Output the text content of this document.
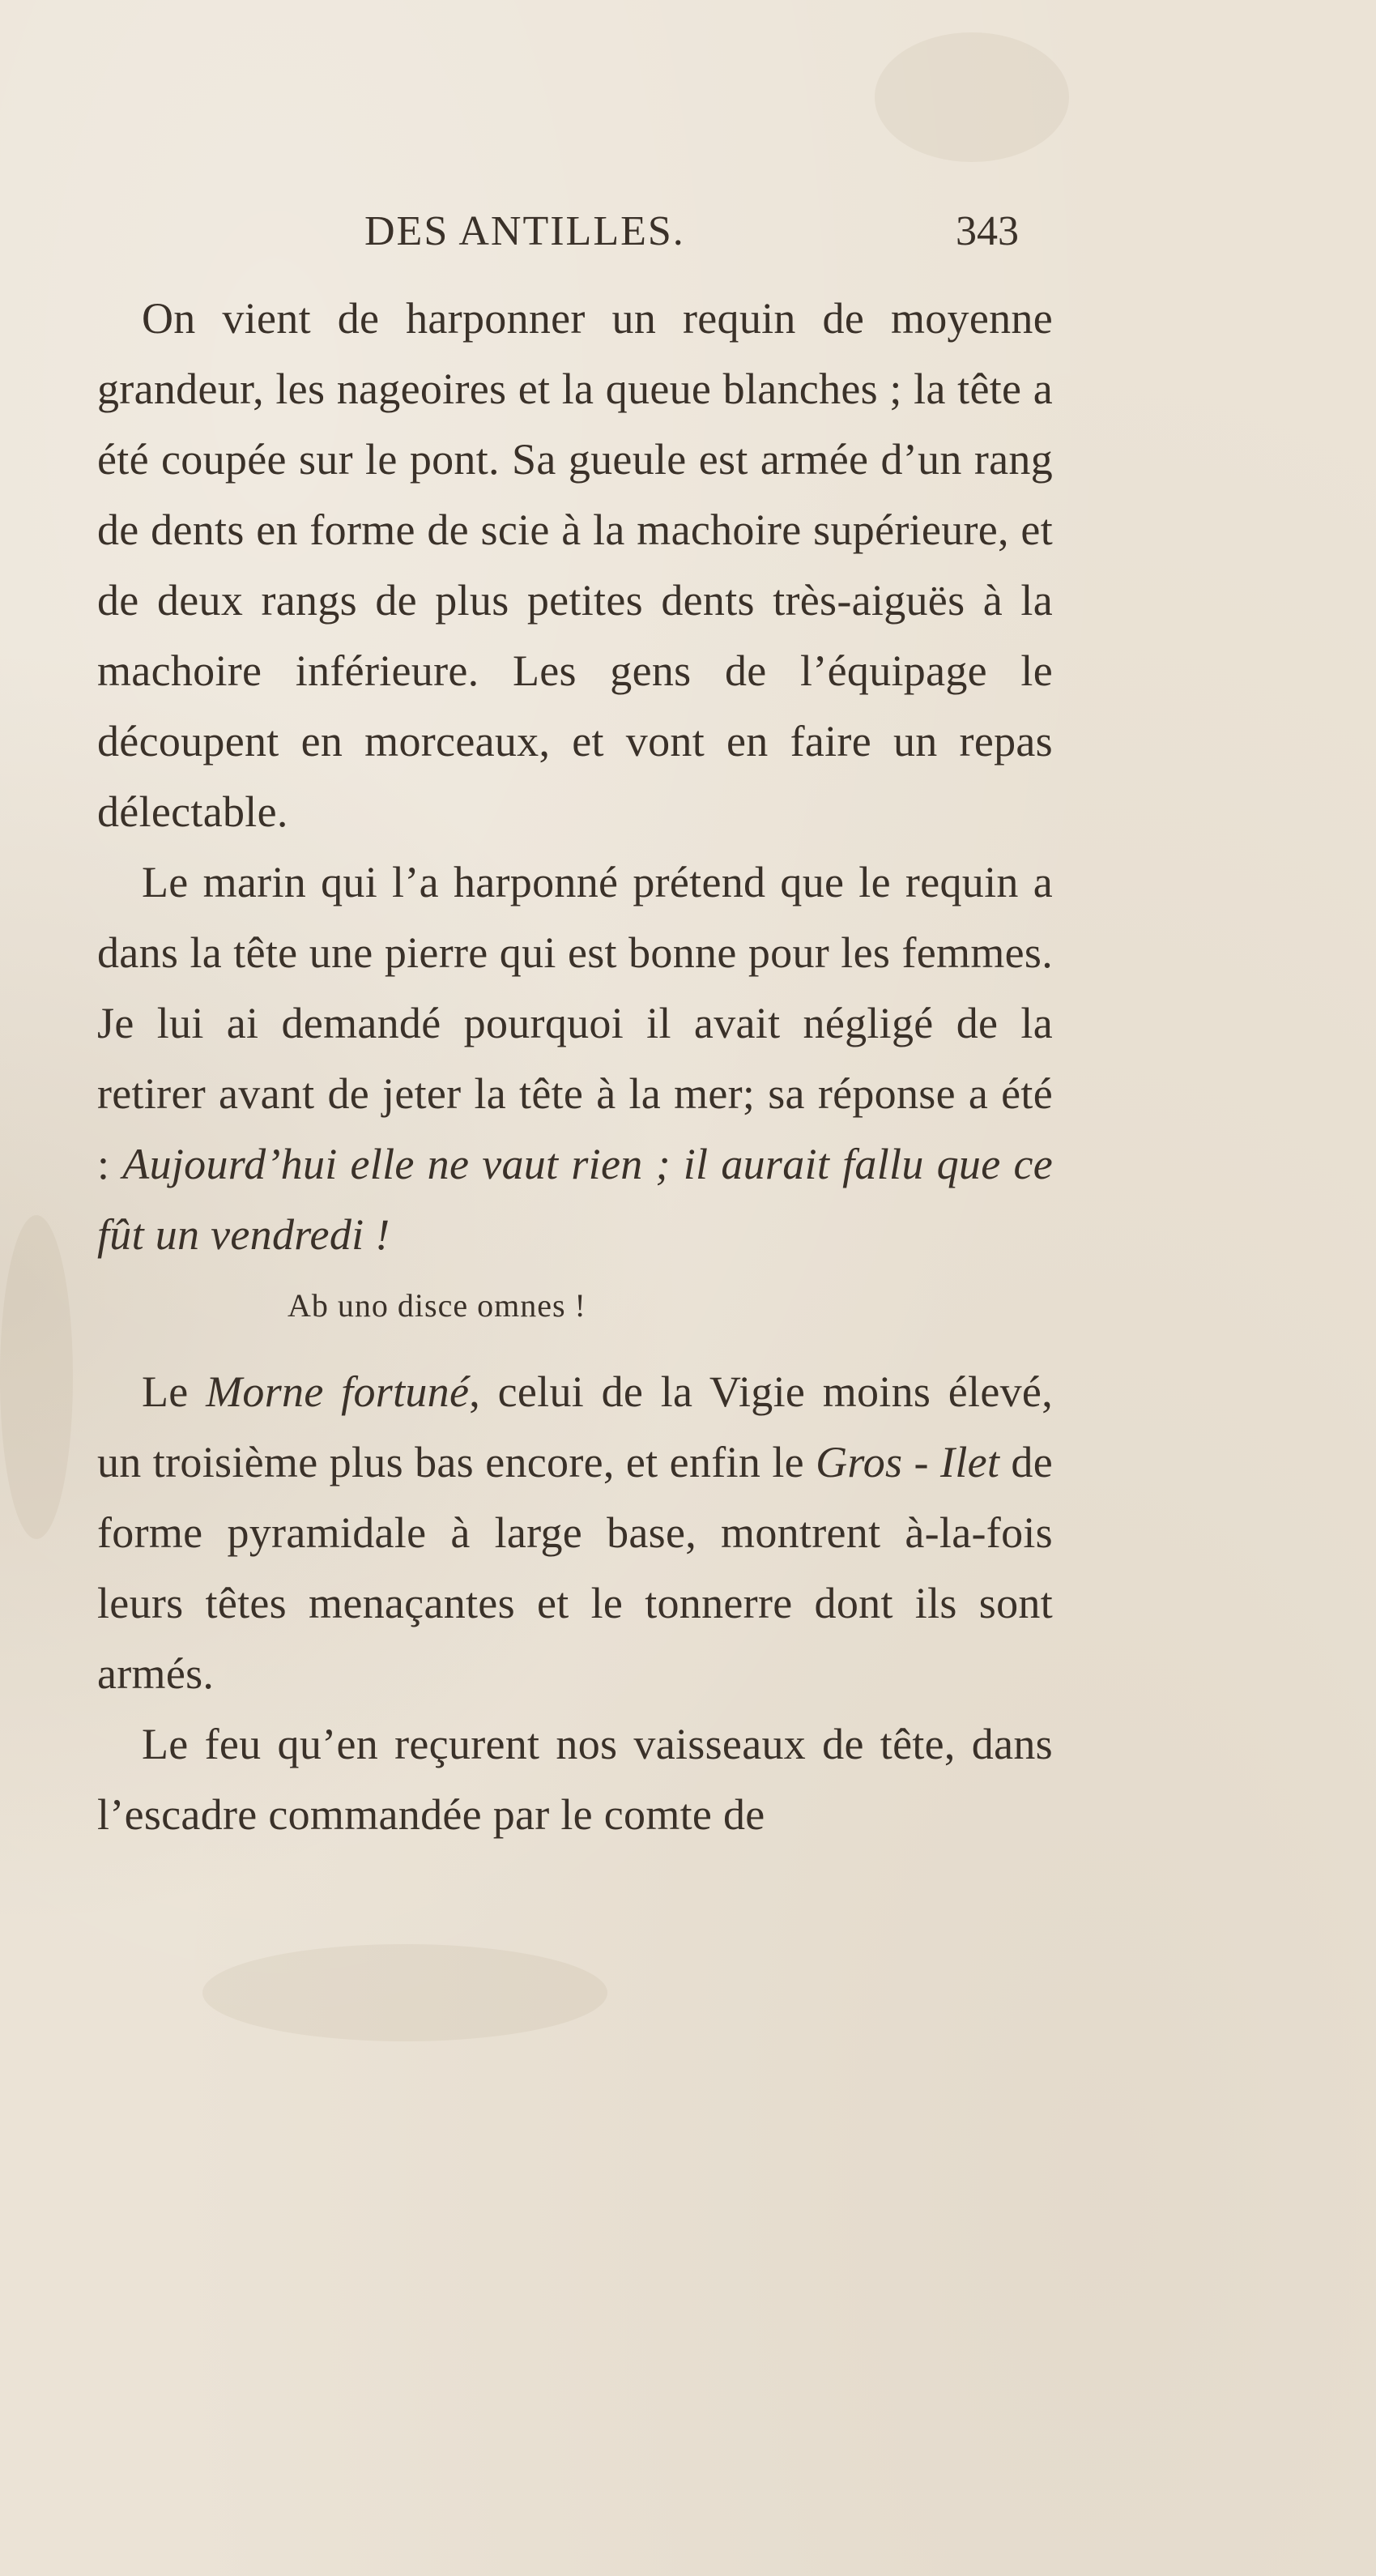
DES ANTILLES.	343

On vient de harponner un requin de moyenne grandeur, les nageoires et la queue blanches ; la tête a été coupée sur le pont. Sa gueule est armée d’un rang de dents en forme de scie à la machoire supérieure, et de deux rangs de plus petites dents très-aiguës à la machoire inférieure. Les gens de l’équipage le découpent en morceaux, et vont en faire un repas délectable.

Le marin qui l’a harponné prétend que le requin a dans la tête une pierre qui est bonne pour les femmes. Je lui ai demandé pourquoi il avait négligé de la retirer avant de jeter la tête à la mer; sa réponse a été : Aujourd’hui elle ne vaut rien ; il aurait fallu que ce fût un vendredi !

Ab uno disce omnes !

Le Morne fortuné, celui de la Vigie moins élevé, un troisième plus bas encore, et enfin le Gros - Ilet de forme pyramidale à large base, montrent à-la-fois leurs têtes menaçantes et le tonnerre dont ils sont armés.

Le feu qu’en reçurent nos vaisseaux de tête, dans l’escadre commandée par le comte de
